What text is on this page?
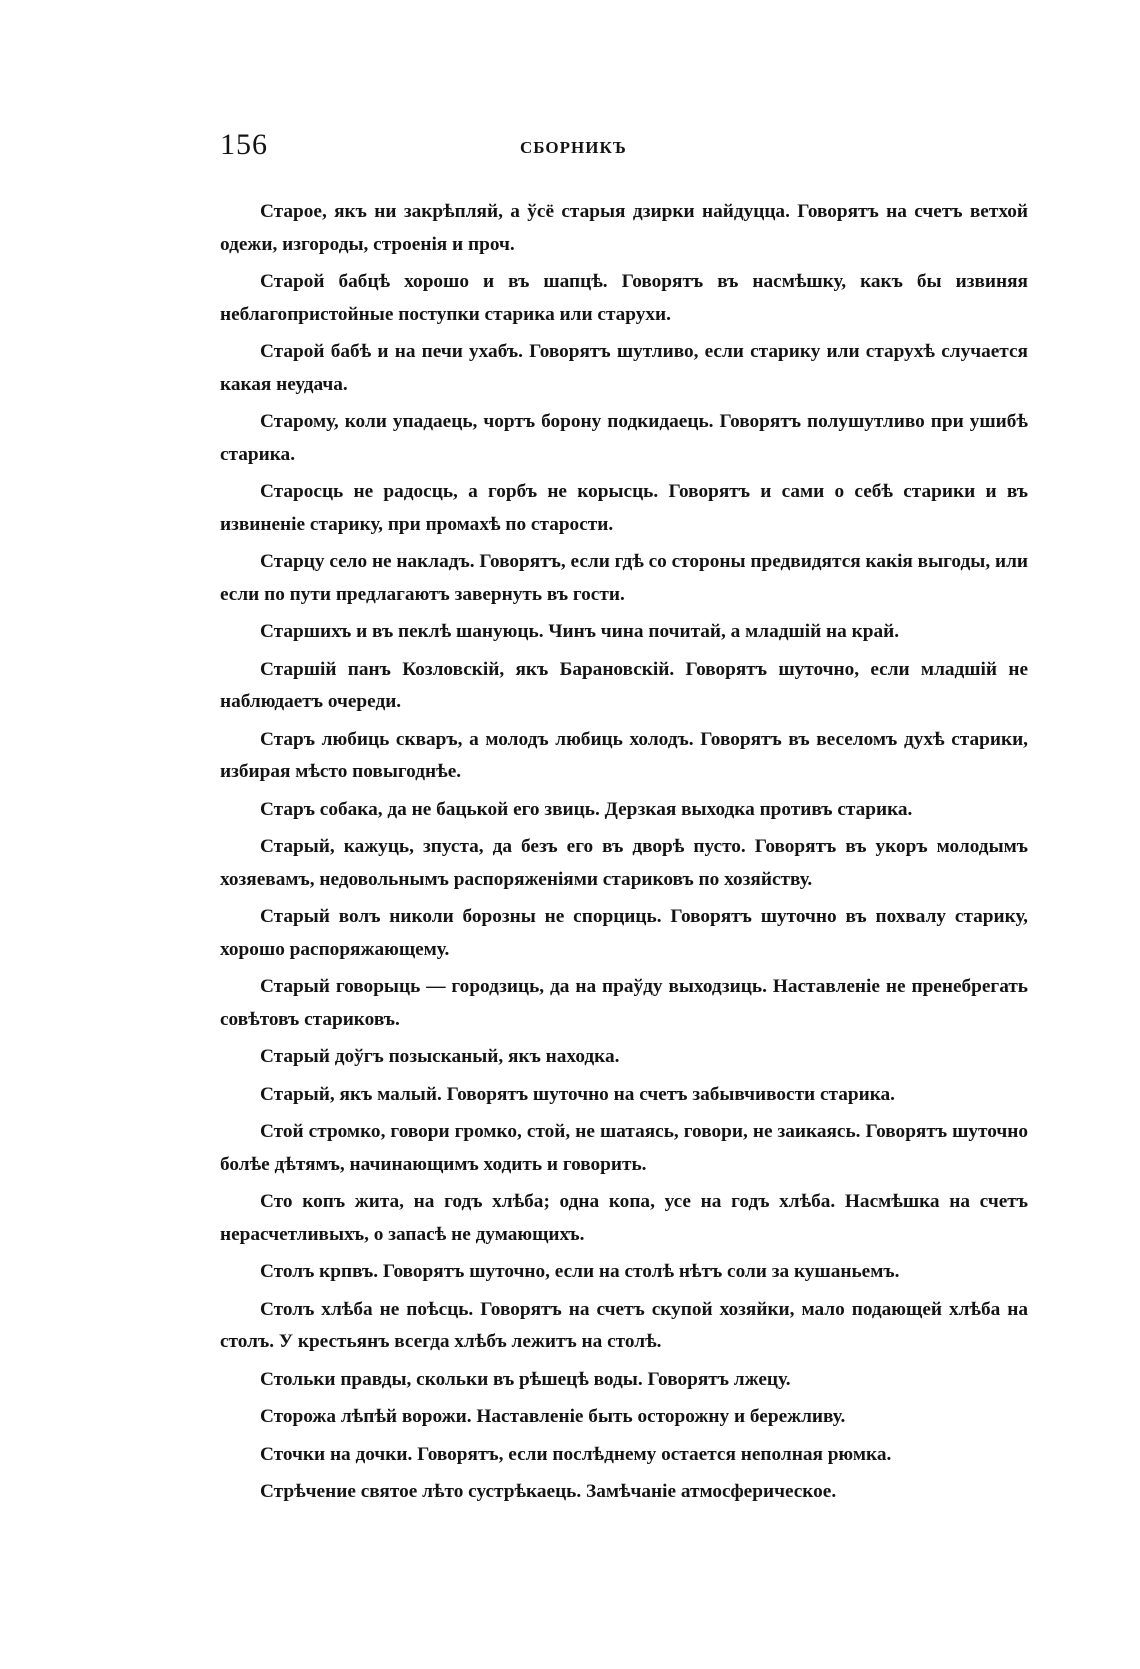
156	СБОРНИКЪ

Старое, якъ ни закрѣпляй, а ўсё старыя дзирки найдуцца. Говорятъ на счетъ ветхой одежи, изгороды, строенія и проч.

Старой бабцѣ хорошо и въ шапцѣ. Говорятъ въ насмѣшку, какъ бы извиняя неблагопристойные поступки старика или старухи.

Старой бабѣ и на печи ухабъ. Говорятъ шутливо, если старику или старухѣ случается какая неудача.

Старому, коли упадаець, чортъ борону подкидаець. Говорятъ полушутливо при ушибѣ старика.

Старосць не радосць, а горбъ не корысць. Говорятъ и сами о себѣ старики и въ извиненіе старику, при промахѣ по старости.

Старцу село не накладъ. Говорятъ, если гдѣ со стороны предвидятся какія выгоды, или если по пути предлагаютъ завернуть въ гости.

Старшихъ и въ пеклѣ шануюць. Чинъ чина почитай, а младшій на край.

Старшій панъ Козловскій, якъ Барановскій. Говорятъ шуточно, если младшій не наблюдаетъ очереди.

Старъ любиць скваръ, а молодъ любиць холодъ. Говорятъ въ веселомъ духѣ старики, избирая мѣсто повыгоднѣе.

Старъ собака, да не бацькой его звиць. Дерзкая выходка противъ старика.

Старый, кажуць, зпуста, да безъ его въ дворѣ пусто. Говорятъ въ укоръ молодымъ хозяевамъ, недовольнымъ распоряженіями стариковъ по хозяйству.

Старый волъ николи борозны не спорциць. Говорятъ шуточно въ похвалу старику, хорошо распоряжающему.

Старый говорыць — городзиць, да на праўду выходзиць. Наставленіе не пренебрегать совѣтовъ стариковъ.

Старый доўгъ позысканый, якъ находка.

Старый, якъ малый. Говорятъ шуточно на счетъ забывчивости старика.

Стой стромко, говори громко, стой, не шатаясь, говори, не заикаясь. Говорятъ шуточно болѣе дѣтямъ, начинающимъ ходить и говорить.

Сто копъ жита, на годъ хлѣба; одна копа, усе на годъ хлѣба. Насмѣшка на счетъ нерасчетливыхъ, о запасѣ не думающихъ.

Столъ крпвъ. Говорятъ шуточно, если на столѣ нѣтъ соли за кушаньемъ.

Столъ хлѣба не поѣсць. Говорятъ на счетъ скупой хозяйки, мало подающей хлѣба на столъ. У крестьянъ всегда хлѣбъ лежитъ на столѣ.

Стольки правды, скольки въ рѣшецѣ воды. Говорятъ лжецу.

Сторожа лѣпѣй ворожи. Наставленіе быть осторожну и бережливу.

Сточки на дочки. Говорятъ, если послѣднему остается неполная рюмка.

Стрѣчение святое лѣто сустрѣкаець. Замѣчаніе атмосферическое.
